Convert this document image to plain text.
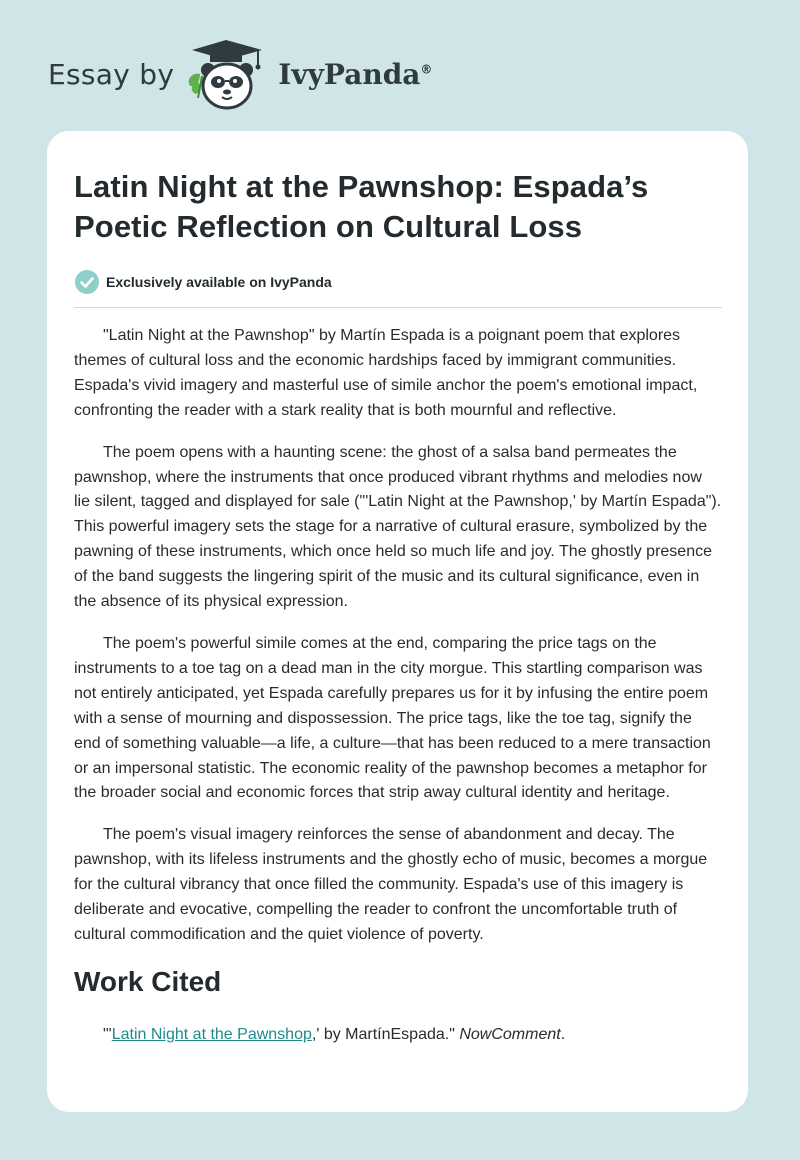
Essay by	IvyPanda®
Latin Night at the Pawnshop: Espada’s Poetic Reflection on Cultural Loss
Exclusively available on IvyPanda

"Latin Night at the Pawnshop" by Martín Espada is a poignant poem that explores themes of cultural loss and the economic hardships faced by immigrant communities. Espada's vivid imagery and masterful use of simile anchor the poem's emotional impact, confronting the reader with a stark reality that is both mournful and reflective.

The poem opens with a haunting scene: the ghost of a salsa band permeates the pawnshop, where the instruments that once produced vibrant rhythms and melodies now lie silent, tagged and displayed for sale ("'Latin Night at the Pawnshop,' by Martín Espada"). This powerful imagery sets the stage for a narrative of cultural erasure, symbolized by the pawning of these instruments, which once held so much life and joy. The ghostly presence of the band suggests the lingering spirit of the music and its cultural significance, even in the absence of its physical expression.

The poem's powerful simile comes at the end, comparing the price tags on the instruments to a toe tag on a dead man in the city morgue. This startling comparison was not entirely anticipated, yet Espada carefully prepares us for it by infusing the entire poem with a sense of mourning and dispossession. The price tags, like the toe tag, signify the end of something valuable—a life, a culture—that has been reduced to a mere transaction or an impersonal statistic. The economic reality of the pawnshop becomes a metaphor for the broader social and economic forces that strip away cultural identity and heritage.

The poem's visual imagery reinforces the sense of abandonment and decay. The pawnshop, with its lifeless instruments and the ghostly echo of music, becomes a morgue for the cultural vibrancy that once filled the community. Espada's use of this imagery is deliberate and evocative, compelling the reader to confront the uncomfortable truth of cultural commodification and the quiet violence of poverty.

Work Cited
"'Latin Night at the Pawnshop,' by MartínEspada." NowComment.
